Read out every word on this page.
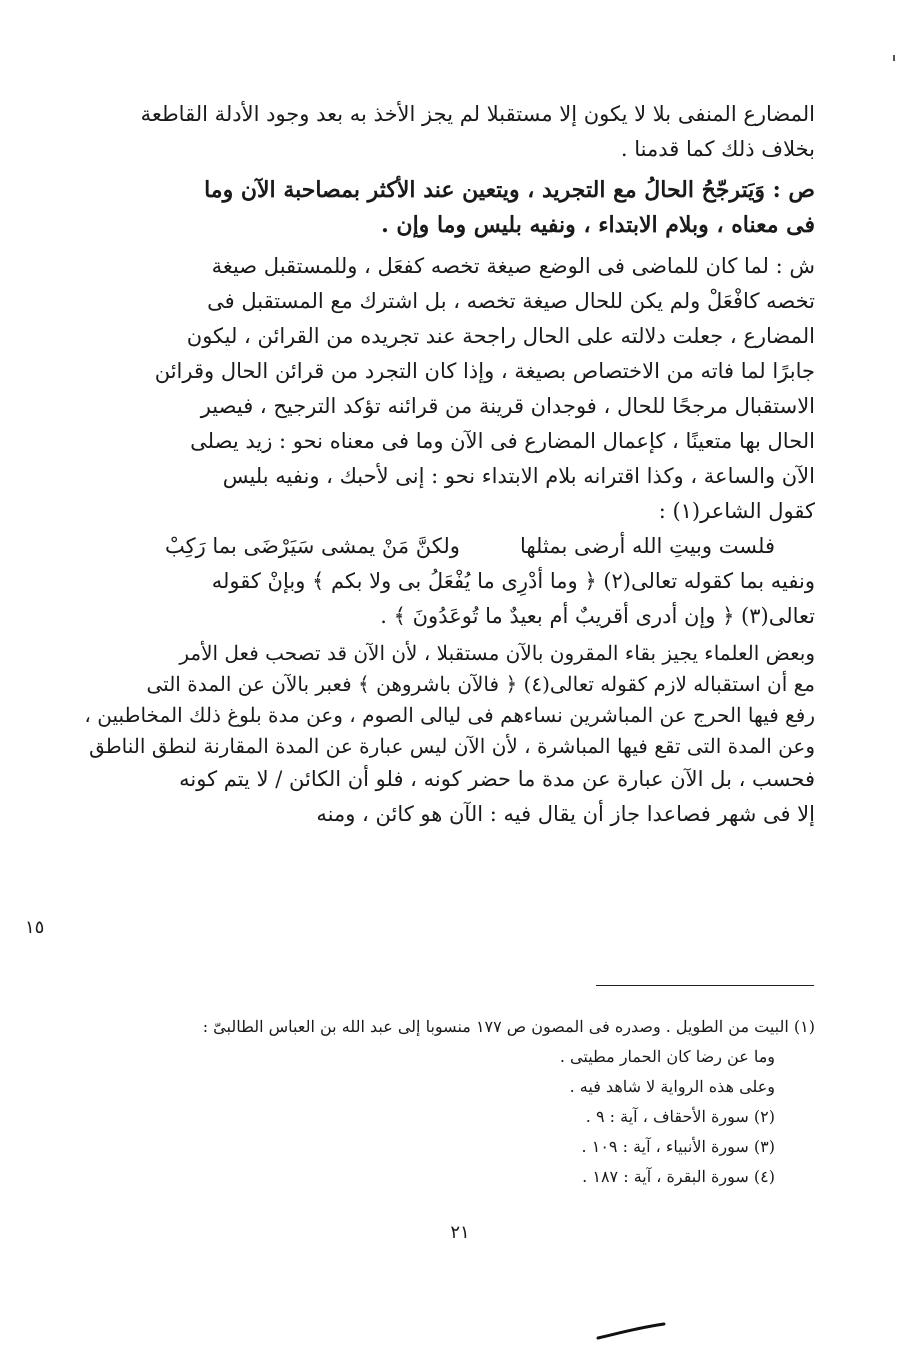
المضارع المنفى بلا لا يكون إلا مستقبلا لم يجز الأخذ به بعد وجود الأدلة القاطعة
بخلاف ذلك كما قدمنا .
ص : وَيَترجّحُ الحالُ مع التجريد ، ويتعين عند الأكثر بمصاحبة الآن وما
فى معناه ، وبلام الابتداء ، ونفيه بليس وما وإن .
ش : لما كان للماضى فى الوضع صيغة تخصه كفعَل ، وللمستقبل صيغة
تخصه كافْعَلْ ولم يكن للحال صيغة تخصه ، بل اشترك مع المستقبل فى
المضارع ، جعلت دلالته على الحال راجحة عند تجريده من القرائن ، ليكون
جابرًا لما فاته من الاختصاص بصيغة ، وإذا كان التجرد من قرائن الحال وقرائن
الاستقبال مرجحًا للحال ، فوجدان قرينة من قرائنه تؤكد الترجيح ، فيصير
الحال بها متعينًا ، كإعمال المضارع فى الآن وما فى معناه نحو : زيد يصلى
الآن والساعة ، وكذا اقترانه بلام الابتداء نحو : إنى لأحبك ، ونفيه بليس
كقول الشاعر(١) :
فلست وبيتِ الله أرضى بمثلها
ولكنَّ مَنْ يمشى سَيَرْضَى بما رَكِبْ
ونفيه بما كقوله تعالى(٢) ﴿ وما أدْرِى ما يُفْعَلُ بى ولا بكم ﴾ وبإنْ كقوله
تعالى(٣) ﴿ وإن أدرى أقريبٌ أم بعيدٌ ما تُوعَدُونَ ﴾ .
وبعض العلماء يجيز بقاء المقرون بالآن مستقبلا ، لأن الآن قد تصحب فعل الأمر
مع أن استقباله لازم كقوله تعالى(٤) ﴿ فالآن باشروهن ﴾ فعبر بالآن عن المدة التى
رفع فيها الحرج عن المباشرين نساءهم فى ليالى الصوم ، وعن مدة بلوغ ذلك المخاطبين ،
وعن المدة التى تقع فيها المباشرة ، لأن الآن ليس عبارة عن المدة المقارنة لنطق الناطق
فحسب ، بل الآن عبارة عن مدة ما حضر كونه ، فلو أن الكائن / لا يتم كونه
إلا فى شهر فصاعدا جاز أن يقال فيه : الآن هو كائن ، ومنه
١٥
(١) البيت من الطويل . وصدره فى المصون ص ١٧٧ منسوبا إلى عبد الله بن العباس الطالبىّ :
وما عن رضا كان الحمار مطيتى .
وعلى هذه الرواية لا شاهد فيه .
(٢) سورة الأحقاف ، آية : ٩ .
(٣) سورة الأنبياء ، آية : ١٠٩ .
(٤) سورة البقرة ، آية : ١٨٧ .
٢١
